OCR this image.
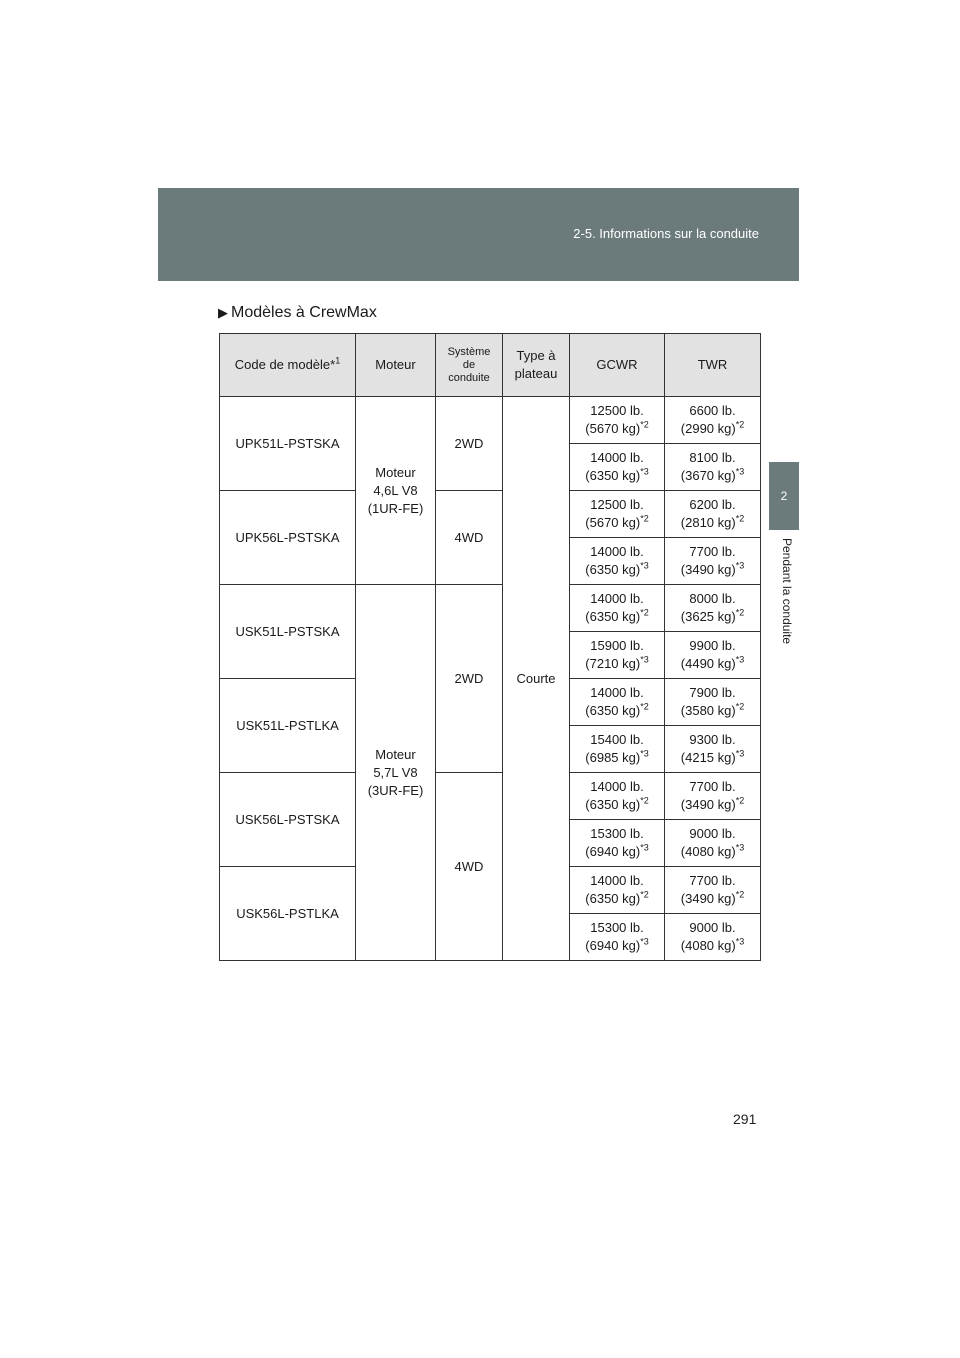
2-5. Informations sur la conduite
2
Pendant la conduite
▶ Modèles à CrewMax
Code de modèle*$^1$	Moteur	Système
de
conduite	Type à
plateau	GCWR	TWR
UPK51L-PSTSKA	Moteur
4,6L V8
(1UR-FE)	2WD	Courte	12500 lb.
(5670 kg)$^{*2}$	6600 lb.
(2990 kg)$^{*2}$
				14000 lb.
(6350 kg)$^{*3}$	8100 lb.
(3670 kg)$^{*3}$
UPK56L-PSTSKA		4WD		12500 lb.
(5670 kg)$^{*2}$	6200 lb.
(2810 kg)$^{*2}$
				14000 lb.
(6350 kg)$^{*3}$	7700 lb.
(3490 kg)$^{*3}$
USK51L-PSTSKA	Moteur
5,7L V8
(3UR-FE)	2WD		14000 lb.
(6350 kg)$^{*2}$	8000 lb.
(3625 kg)$^{*2}$
				15900 lb.
(7210 kg)$^{*3}$	9900 lb.
(4490 kg)$^{*3}$
USK51L-PSTLKA				14000 lb.
(6350 kg)$^{*2}$	7900 lb.
(3580 kg)$^{*2}$
				15400 lb.
(6985 kg)$^{*3}$	9300 lb.
(4215 kg)$^{*3}$
USK56L-PSTSKA		4WD		14000 lb.
(6350 kg)$^{*2}$	7700 lb.
(3490 kg)$^{*2}$
				15300 lb.
(6940 kg)$^{*3}$	9000 lb.
(4080 kg)$^{*3}$
USK56L-PSTLKA				14000 lb.
(6350 kg)$^{*2}$	7700 lb.
(3490 kg)$^{*2}$
				15300 lb.
(6940 kg)$^{*3}$	9000 lb.
(4080 kg)$^{*3}$
291
